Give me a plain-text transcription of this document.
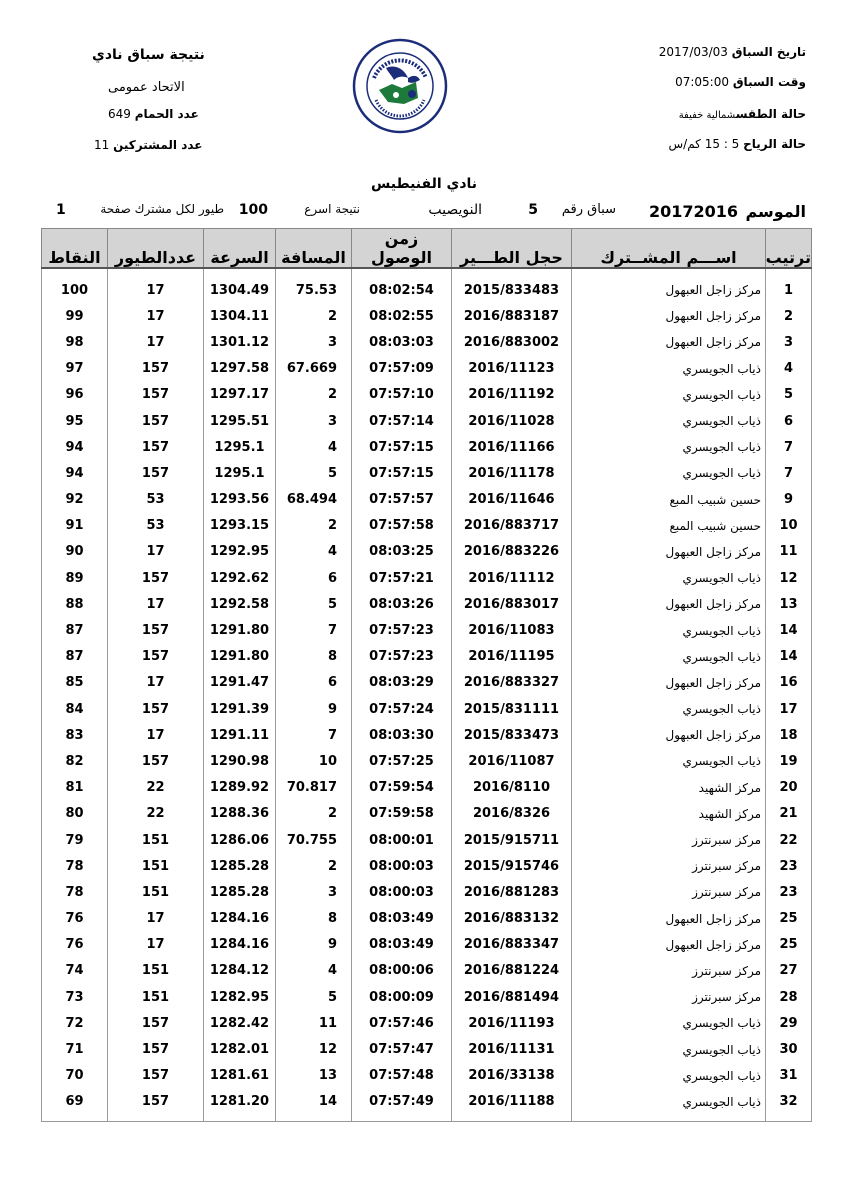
تاريخ السباق 2017/03/03
وقت السباق 07:05:00
حالة الطقسشمالية خفيفة
حالة الرياح 5 : 15 كم/س
نتيجة سباق نادي
الاتحاد عمومى
عدد الحمام 649
عدد المشتركين 11
نادي الفنيطيس
الموسم
20172016
سباق رقم
5
النويصيب
نتيجة اسرع
100
طيور لكل مشترك صفحة
1
ترتيب	اســـم المشــترك	حجل الطـــير	زمن الوصول	المسافة	السرعة	عددالطيور	النقاط
1	مركز زاجل العبهول	2015/833483	08:02:54	75.53	1304.49	17	100
2	مركز زاجل العبهول	2016/883187	08:02:55	2	1304.11	17	99
3	مركز زاجل العبهول	2016/883002	08:03:03	3	1301.12	17	98
4	ذياب الجويسري	2016/11123	07:57:09	67.669	1297.58	157	97
5	ذياب الجويسري	2016/11192	07:57:10	2	1297.17	157	96
6	ذياب الجويسري	2016/11028	07:57:14	3	1295.51	157	95
7	ذياب الجويسري	2016/11166	07:57:15	4	1295.1	157	94
7	ذياب الجويسري	2016/11178	07:57:15	5	1295.1	157	94
9	حسين شبيب المبع	2016/11646	07:57:57	68.494	1293.56	53	92
10	حسين شبيب المبع	2016/883717	07:57:58	2	1293.15	53	91
11	مركز زاجل العبهول	2016/883226	08:03:25	4	1292.95	17	90
12	ذياب الجويسري	2016/11112	07:57:21	6	1292.62	157	89
13	مركز زاجل العبهول	2016/883017	08:03:26	5	1292.58	17	88
14	ذياب الجويسري	2016/11083	07:57:23	7	1291.80	157	87
14	ذياب الجويسري	2016/11195	07:57:23	8	1291.80	157	87
16	مركز زاجل العبهول	2016/883327	08:03:29	6	1291.47	17	85
17	ذياب الجويسري	2015/831111	07:57:24	9	1291.39	157	84
18	مركز زاجل العبهول	2015/833473	08:03:30	7	1291.11	17	83
19	ذياب الجويسري	2016/11087	07:57:25	10	1290.98	157	82
20	مركز الشهيد	2016/8110	07:59:54	70.817	1289.92	22	81
21	مركز الشهيد	2016/8326	07:59:58	2	1288.36	22	80
22	مركز سبرنترز	2015/915711	08:00:01	70.755	1286.06	151	79
23	مركز سبرنترز	2015/915746	08:00:03	2	1285.28	151	78
23	مركز سبرنترز	2016/881283	08:00:03	3	1285.28	151	78
25	مركز زاجل العبهول	2016/883132	08:03:49	8	1284.16	17	76
25	مركز زاجل العبهول	2016/883347	08:03:49	9	1284.16	17	76
27	مركز سبرنترز	2016/881224	08:00:06	4	1284.12	151	74
28	مركز سبرنترز	2016/881494	08:00:09	5	1282.95	151	73
29	ذياب الجويسري	2016/11193	07:57:46	11	1282.42	157	72
30	ذياب الجويسري	2016/11131	07:57:47	12	1282.01	157	71
31	ذياب الجويسري	2016/33138	07:57:48	13	1281.61	157	70
32	ذياب الجويسري	2016/11188	07:57:49	14	1281.20	157	69
